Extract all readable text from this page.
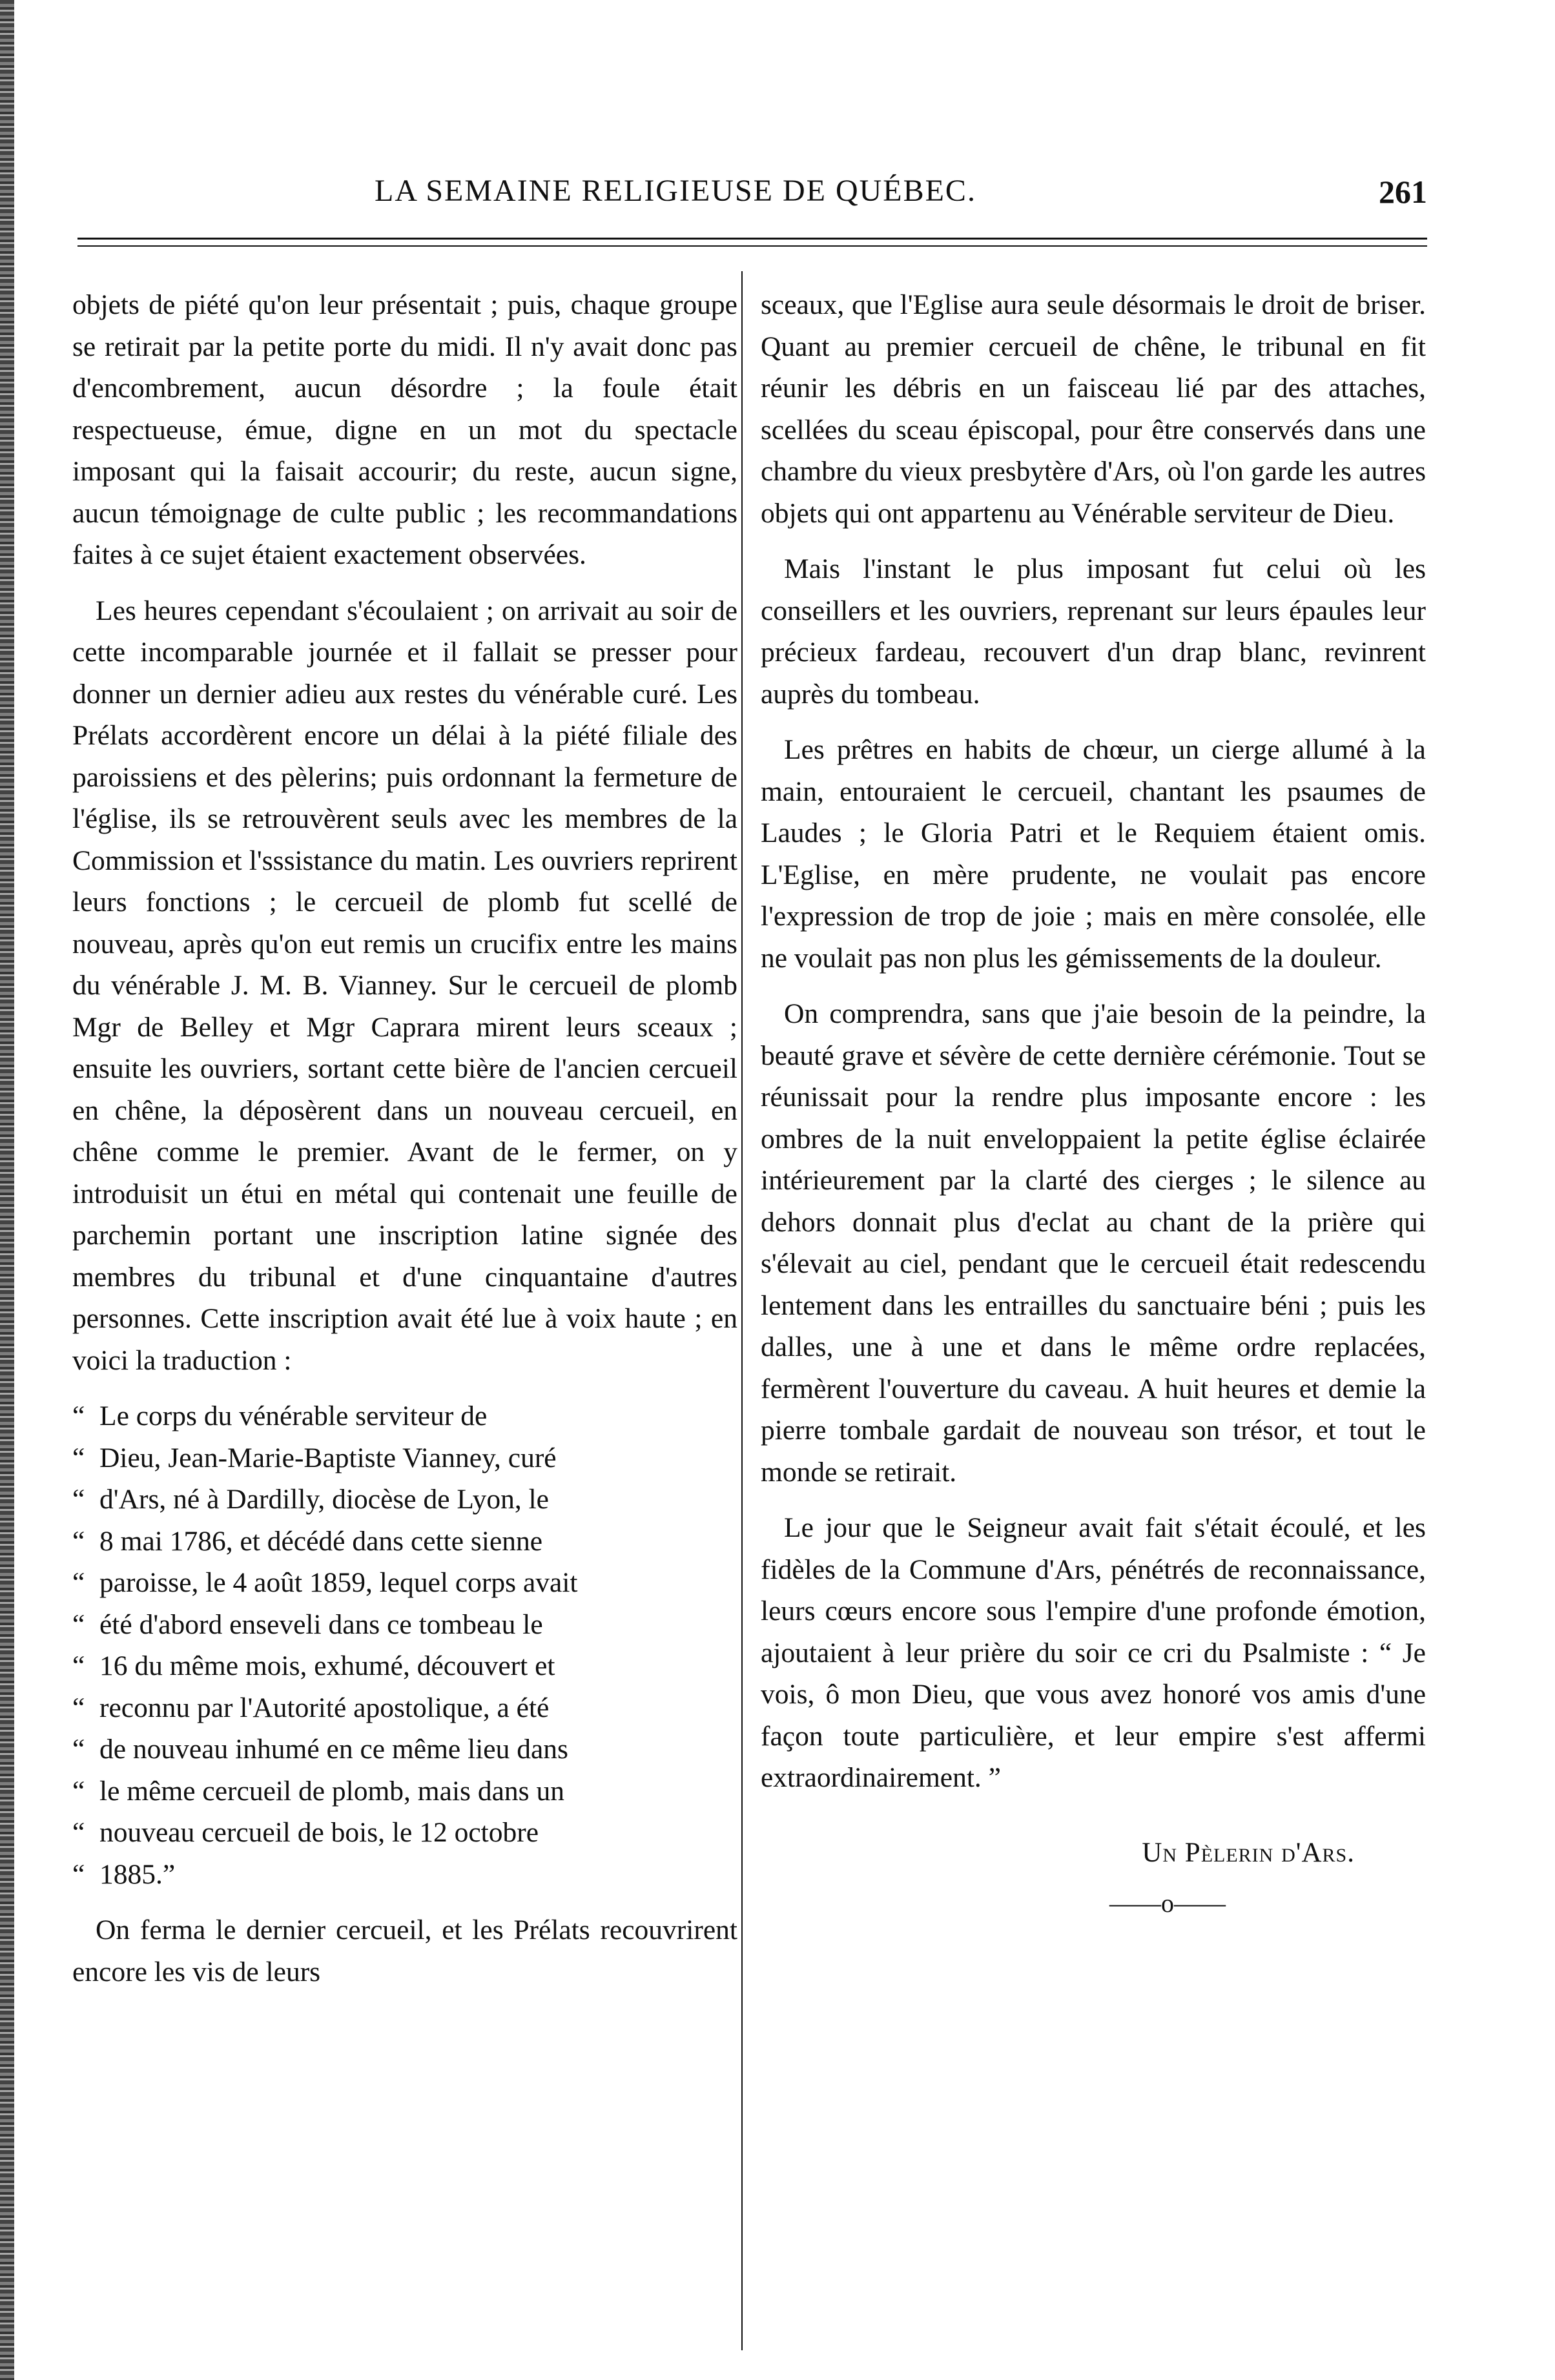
LA SEMAINE RELIGIEUSE DE QUÉBEC.	261

objets de piété qu'on leur présentait ; puis, chaque groupe se retirait par la petite porte du midi. Il n'y avait donc pas d'encombrement, aucun désordre ; la foule était respectueuse, émue, digne en un mot du spectacle imposant qui la faisait accourir; du reste, aucun signe, aucun témoignage de culte public ; les recommandations faites à ce sujet étaient exactement observées.

Les heures cependant s'écoulaient ; on arrivait au soir de cette incomparable journée et il fallait se presser pour donner un dernier adieu aux restes du vénérable curé. Les Prélats accordèrent encore un délai à la piété filiale des paroissiens et des pèlerins; puis ordonnant la fermeture de l'église, ils se retrouvèrent seuls avec les membres de la Commission et l'sssistance du matin. Les ouvriers reprirent leurs fonctions ; le cercueil de plomb fut scellé de nouveau, après qu'on eut remis un crucifix entre les mains du vénérable J. M. B. Vianney. Sur le cercueil de plomb Mgr de Belley et Mgr Caprara mirent leurs sceaux ; ensuite les ouvriers, sortant cette bière de l'ancien cercueil en chêne, la déposèrent dans un nouveau cercueil, en chêne comme le premier. Avant de le fermer, on y introduisit un étui en métal qui contenait une feuille de parchemin portant une inscription latine signée des membres du tribunal et d'une cinquantaine d'autres personnes. Cette inscription avait été lue à voix haute ; en voici la traduction :

“ Le corps du vénérable serviteur de
“ Dieu, Jean-Marie-Baptiste Vianney, curé
“ d'Ars, né à Dardilly, diocèse de Lyon, le
“ 8 mai 1786, et décédé dans cette sienne
“ paroisse, le 4 août 1859, lequel corps avait
“ été d'abord enseveli dans ce tombeau le
“ 16 du même mois, exhumé, découvert et
“ reconnu par l'Autorité apostolique, a été
“ de nouveau inhumé en ce même lieu dans
“ le même cercueil de plomb, mais dans un
“ nouveau cercueil de bois, le 12 octobre
“ 1885.”

On ferma le dernier cercueil, et les Prélats recouvrirent encore les vis de leurs

sceaux, que l'Eglise aura seule désormais le droit de briser. Quant au premier cercueil de chêne, le tribunal en fit réunir les débris en un faisceau lié par des attaches, scellées du sceau épiscopal, pour être conservés dans une chambre du vieux presbytère d'Ars, où l'on garde les autres objets qui ont appartenu au Vénérable serviteur de Dieu.

Mais l'instant le plus imposant fut celui où les conseillers et les ouvriers, reprenant sur leurs épaules leur précieux fardeau, recouvert d'un drap blanc, revinrent auprès du tombeau.

Les prêtres en habits de chœur, un cierge allumé à la main, entouraient le cercueil, chantant les psaumes de Laudes ; le Gloria Patri et le Requiem étaient omis. L'Eglise, en mère prudente, ne voulait pas encore l'expression de trop de joie ; mais en mère consolée, elle ne voulait pas non plus les gémissements de la douleur.

On comprendra, sans que j'aie besoin de la peindre, la beauté grave et sévère de cette dernière cérémonie. Tout se réunissait pour la rendre plus imposante encore : les ombres de la nuit enveloppaient la petite église éclairée intérieurement par la clarté des cierges ; le silence au dehors donnait plus d'eclat au chant de la prière qui s'élevait au ciel, pendant que le cercueil était redescendu lentement dans les entrailles du sanctuaire béni ; puis les dalles, une à une et dans le même ordre replacées, fermèrent l'ouverture du caveau. A huit heures et demie la pierre tombale gardait de nouveau son trésor, et tout le monde se retirait.

Le jour que le Seigneur avait fait s'était écoulé, et les fidèles de la Commune d'Ars, pénétrés de reconnaissance, leurs cœurs encore sous l'empire d'une profonde émotion, ajoutaient à leur prière du soir ce cri du Psalmiste : “ Je vois, ô mon Dieu, que vous avez honoré vos amis d'une façon toute particulière, et leur empire s'est affermi extraordinairement. ”

Un Pèlerin d'Ars.
——o——
